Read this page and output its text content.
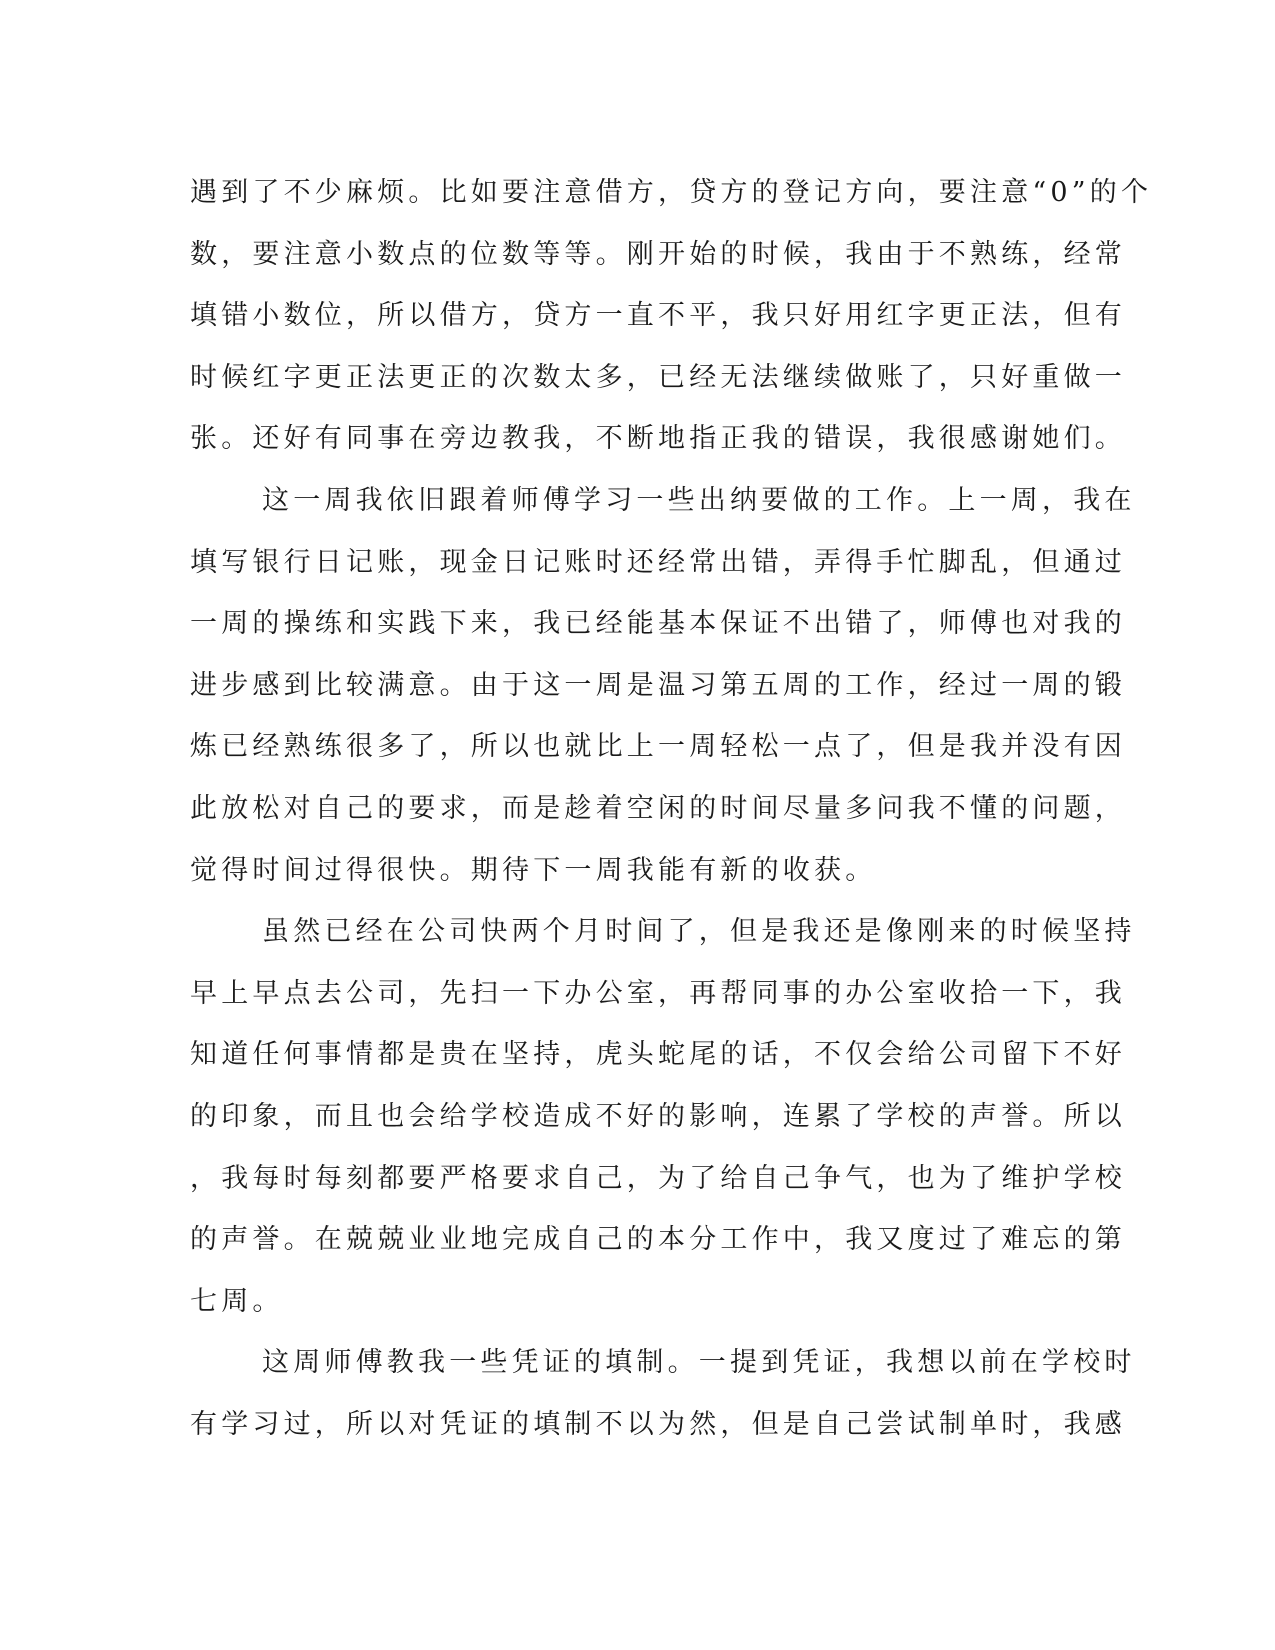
遇到了不少麻烦。比如要注意借方，贷方的登记方向，要注意“0”的个
数，要注意小数点的位数等等。刚开始的时候，我由于不熟练，经常
填错小数位，所以借方，贷方一直不平，我只好用红字更正法，但有
时候红字更正法更正的次数太多，已经无法继续做账了，只好重做一
张。还好有同事在旁边教我，不断地指正我的错误，我很感谢她们。
这一周我依旧跟着师傅学习一些出纳要做的工作。上一周，我在
填写银行日记账，现金日记账时还经常出错，弄得手忙脚乱，但通过
一周的操练和实践下来，我已经能基本保证不出错了，师傅也对我的
进步感到比较满意。由于这一周是温习第五周的工作，经过一周的锻
炼已经熟练很多了，所以也就比上一周轻松一点了，但是我并没有因
此放松对自己的要求，而是趁着空闲的时间尽量多问我不懂的问题，
觉得时间过得很快。期待下一周我能有新的收获。
虽然已经在公司快两个月时间了，但是我还是像刚来的时候坚持
早上早点去公司，先扫一下办公室，再帮同事的办公室收拾一下，我
知道任何事情都是贵在坚持，虎头蛇尾的话，不仅会给公司留下不好
的印象，而且也会给学校造成不好的影响，连累了学校的声誉。所以
，我每时每刻都要严格要求自己，为了给自己争气，也为了维护学校
的声誉。在兢兢业业地完成自己的本分工作中，我又度过了难忘的第
七周。
这周师傅教我一些凭证的填制。一提到凭证，我想以前在学校时
有学习过，所以对凭证的填制不以为然，但是自己尝试制单时，我感
